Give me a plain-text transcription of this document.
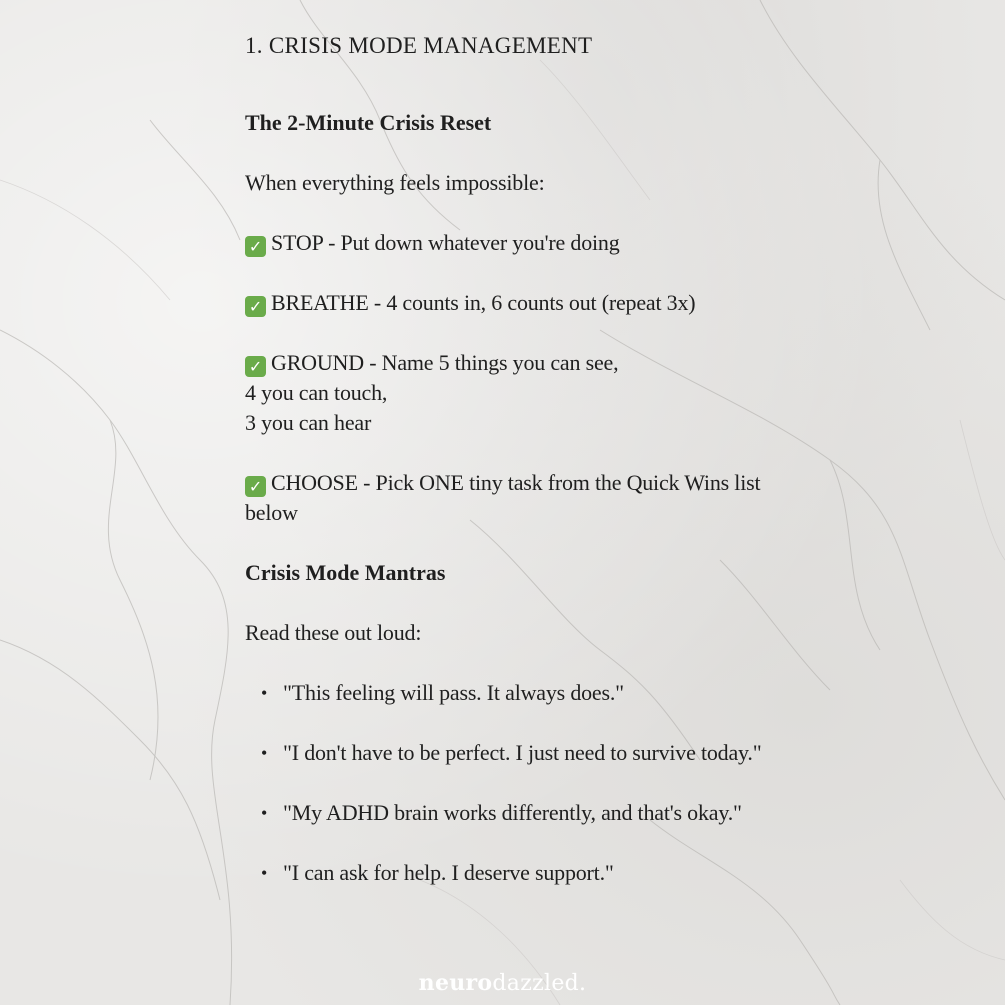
1. CRISIS MODE MANAGEMENT
The 2-Minute Crisis Reset

When everything feels impossible:

✓ STOP - Put down whatever you're doing

✓ BREATHE - 4 counts in, 6 counts out (repeat 3x)

✓ GROUND - Name 5 things you can see,
4 you can touch,
3 you can hear

✓ CHOOSE - Pick ONE tiny task from the Quick Wins list
below

Crisis Mode Mantras

Read these out loud:

• "This feeling will pass. It always does."
• "I don't have to be perfect. I just need to survive today."
• "My ADHD brain works differently, and that's okay."
• "I can ask for help. I deserve support."
neurodazzled.
